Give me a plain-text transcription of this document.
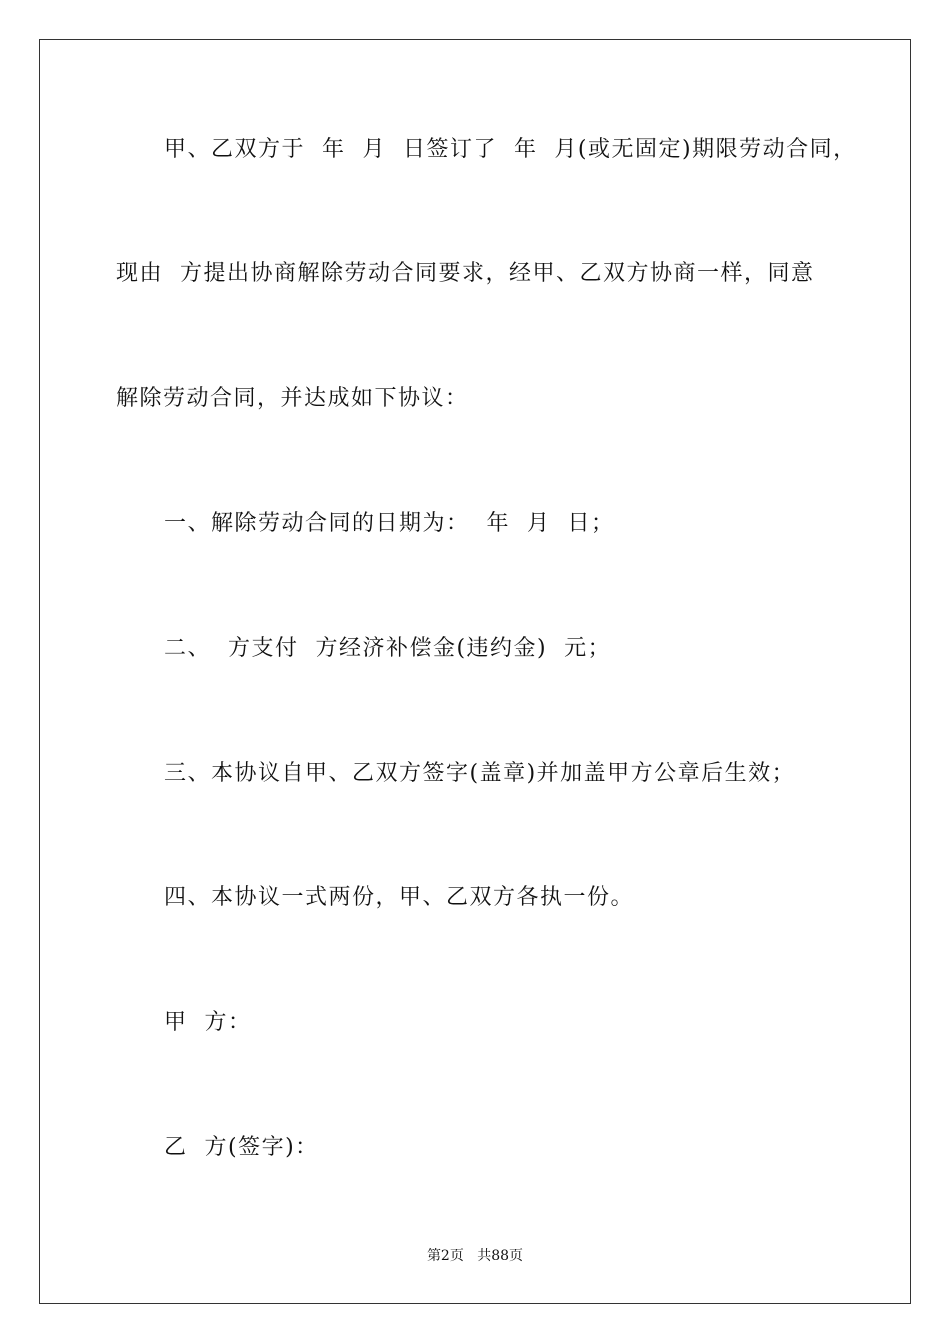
甲、乙双方于  年  月  日签订了  年  月(或无固定)期限劳动合同，
现由  方提出协商解除劳动合同要求，经甲、乙双方协商一样，同意
解除劳动合同，并达成如下协议：
一、解除劳动合同的日期为：  年  月  日；
二、  方支付  方经济补偿金(违约金)  元；
三、本协议自甲、乙双方签字(盖章)并加盖甲方公章后生效；
四、本协议一式两份，甲、乙双方各执一份。
甲  方：
乙  方(签字)：
第2页 共88页
